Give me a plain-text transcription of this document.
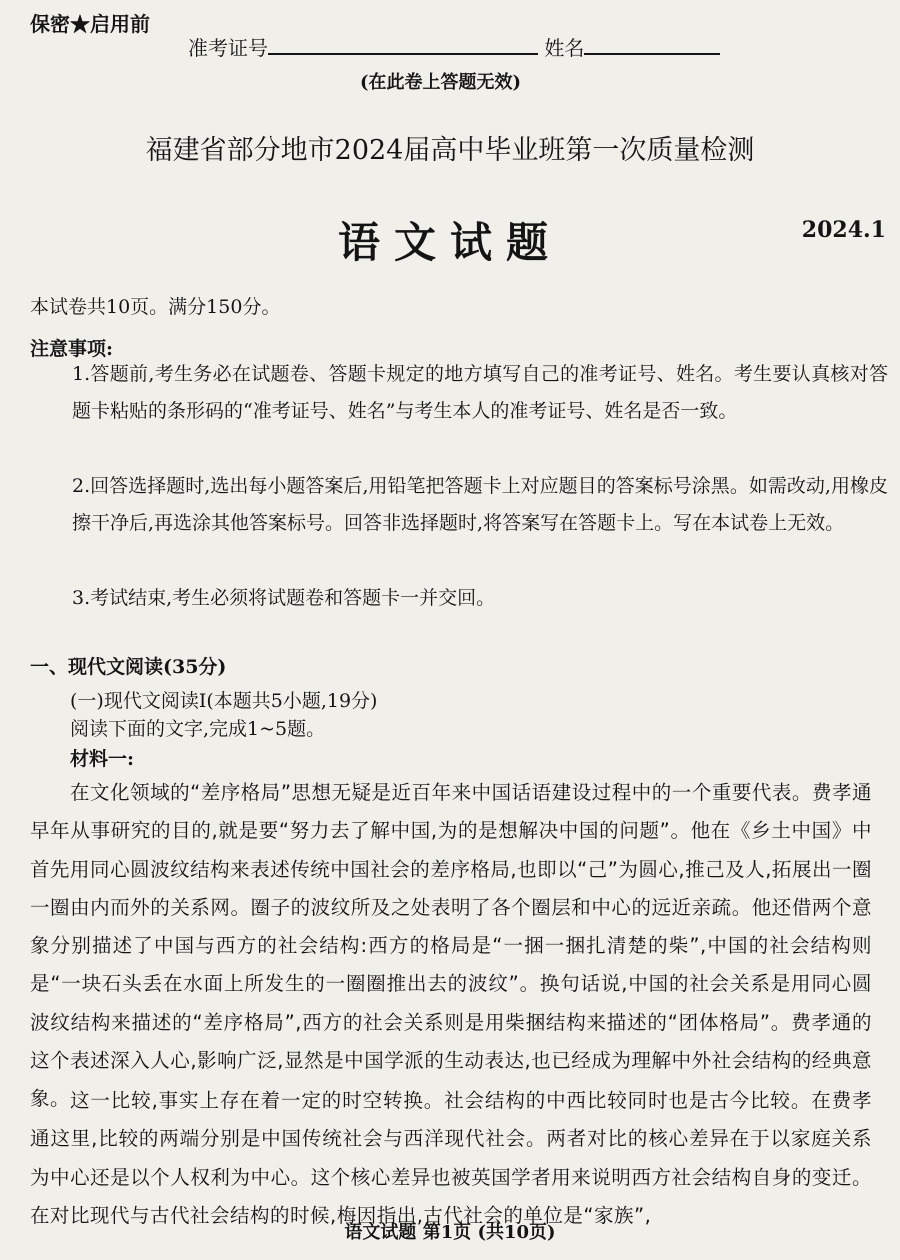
保密★启用前
准考证号	姓名
(在此卷上答题无效)
福建省部分地市2024届高中毕业班第一次质量检测
语文试题	2024.1
本试卷共10页。满分150分。
注意事项:
1.答题前,考生务必在试题卷、答题卡规定的地方填写自己的准考证号、姓名。考生要认真核对答题卡粘贴的条形码的“准考证号、姓名”与考生本人的准考证号、姓名是否一致。
2.回答选择题时,选出每小题答案后,用铅笔把答题卡上对应题目的答案标号涂黑。如需改动,用橡皮擦干净后,再选涂其他答案标号。回答非选择题时,将答案写在答题卡上。写在本试卷上无效。
3.考试结束,考生必须将试题卷和答题卡一并交回。
一、现代文阅读(35分)
(一)现代文阅读Ⅰ(本题共5小题,19分)
阅读下面的文字,完成1~5题。
材料一:
在文化领域的“差序格局”思想无疑是近百年来中国话语建设过程中的一个重要代表。费孝通早年从事研究的目的,就是要“努力去了解中国,为的是想解决中国的问题”。他在《乡土中国》中首先用同心圆波纹结构来表述传统中国社会的差序格局,也即以“己”为圆心,推己及人,拓展出一圈一圈由内而外的关系网。圈子的波纹所及之处表明了各个圈层和中心的远近亲疏。他还借两个意象分别描述了中国与西方的社会结构:西方的格局是“一捆一捆扎清楚的柴”,中国的社会结构则是“一块石头丢在水面上所发生的一圈圈推出去的波纹”。换句话说,中国的社会关系是用同心圆波纹结构来描述的“差序格局”,西方的社会关系则是用柴捆结构来描述的“团体格局”。费孝通的这个表述深入人心,影响广泛,显然是中国学派的生动表达,也已经成为理解中外社会结构的经典意象。 这一比较,事实上存在着一定的时空转换。社会结构的中西比较同时也是古今比较。在费孝通这里,比较的两端分别是中国传统社会与西洋现代社会。两者对比的核心差异在于以家庭关系为中心还是以个人权利为中心。这个核心差异也被英国学者用来说明西方社会结构自身的变迁。在对比现代与古代社会结构的时候,梅因指出,古代社会的单位是“家族”,
语文试题 第1页 (共10页)
